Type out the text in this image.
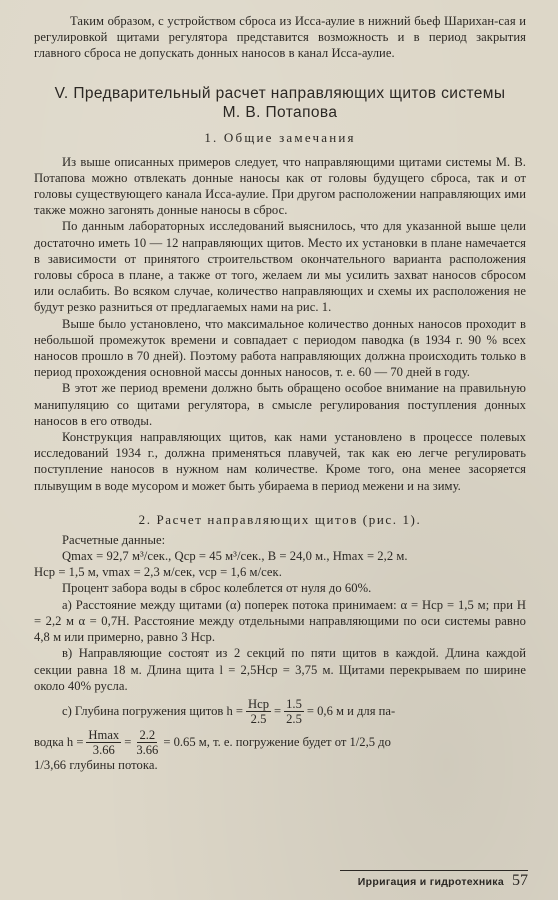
Таким образом, с устройством сброса из Исса-аулие в нижний бьеф Шарихан-сая и регулировкой щитами регулятора представится возможность и в период закрытия главного сброса не допускать донных наносов в канал Исса-аулие.

V. Предварительный расчет направляющих щитов системы
М. В. Потапова
1. Общие замечания

Из выше описанных примеров следует, что направляющими щитами системы М. В. Потапова можно отвлекать донные наносы как от головы будущего сброса, так и от головы существующего канала Исса-аулие. При другом расположении направляющих ими также можно загонять донные наносы в сброс.

По данным лабораторных исследований выяснилось, что для указанной выше цели достаточно иметь 10 — 12 направляющих щитов. Место их установки в плане намечается в зависимости от принятого строительством окончательного варианта расположения головы сброса в плане, а также от того, желаем ли мы усилить захват наносов сбросом или ослабить. Во всяком случае, количество направляющих и схемы их расположения не будут резко разниться от предлагаемых нами на рис. 1.

Выше было установлено, что максимальное количество донных наносов проходит в небольшой промежуток времени и совпадает с периодом паводка (в 1934 г. 90 % всех наносов прошло в 70 дней). Поэтому работа направляющих должна происходить только в период прохождения основной массы донных наносов, т. е. 60 — 70 дней в году.

В этот же период времени должно быть обращено особое внимание на правильную манипуляцию со щитами регулятора, в смысле регулирования поступления донных наносов в его отводы.

Конструкция направляющих щитов, как нами установлено в процессе полевых исследований 1934 г., должна применяться плавучей, так как ею легче регулировать поступление наносов в нужном нам количестве. Кроме того, она менее засоряется плывущим в воде мусором и может быть убираема в период межени и на зиму.

2. Расчет направляющих щитов (рис. 1).

Расчетные данные:

Qmax = 92,7 м³/сек., Qср = 45 м³/сек., B = 24,0 м., Hmax = 2,2 м.

Hср = 1,5 м, vmax = 2,3 м/сек, vср = 1,6 м/сек.

Процент забора воды в сброс колеблется от нуля до 60%.

а) Расстояние между щитами (α) поперек потока принимаем: α = Hср = 1,5 м; при H = 2,2 м α = 0,7H. Расстояние между отдельными направляющими по оси системы равно 4,8 м или примерно, равно 3 Hср.

в) Направляющие состоят из 2 секций по пяти щитов в каждой. Длина каждой секции равна 18 м. Длина щита l = 2,5Hср = 3,75 м. Щитами перекрываем по ширине около 40% русла.

с) Глубина погружения щитов $h = \frac{\text{Hср}}{2.5} = \frac{1.5}{2.5} = 0,6$ м и для па-
водка $h = \frac{Hmax}{3.66} = \frac{2.2}{3.66} = 0.65$ м, т. е. погружение будет от 1/2,5 до

1/3,66 глубины потока.

Ирригация и гидротехника 57
